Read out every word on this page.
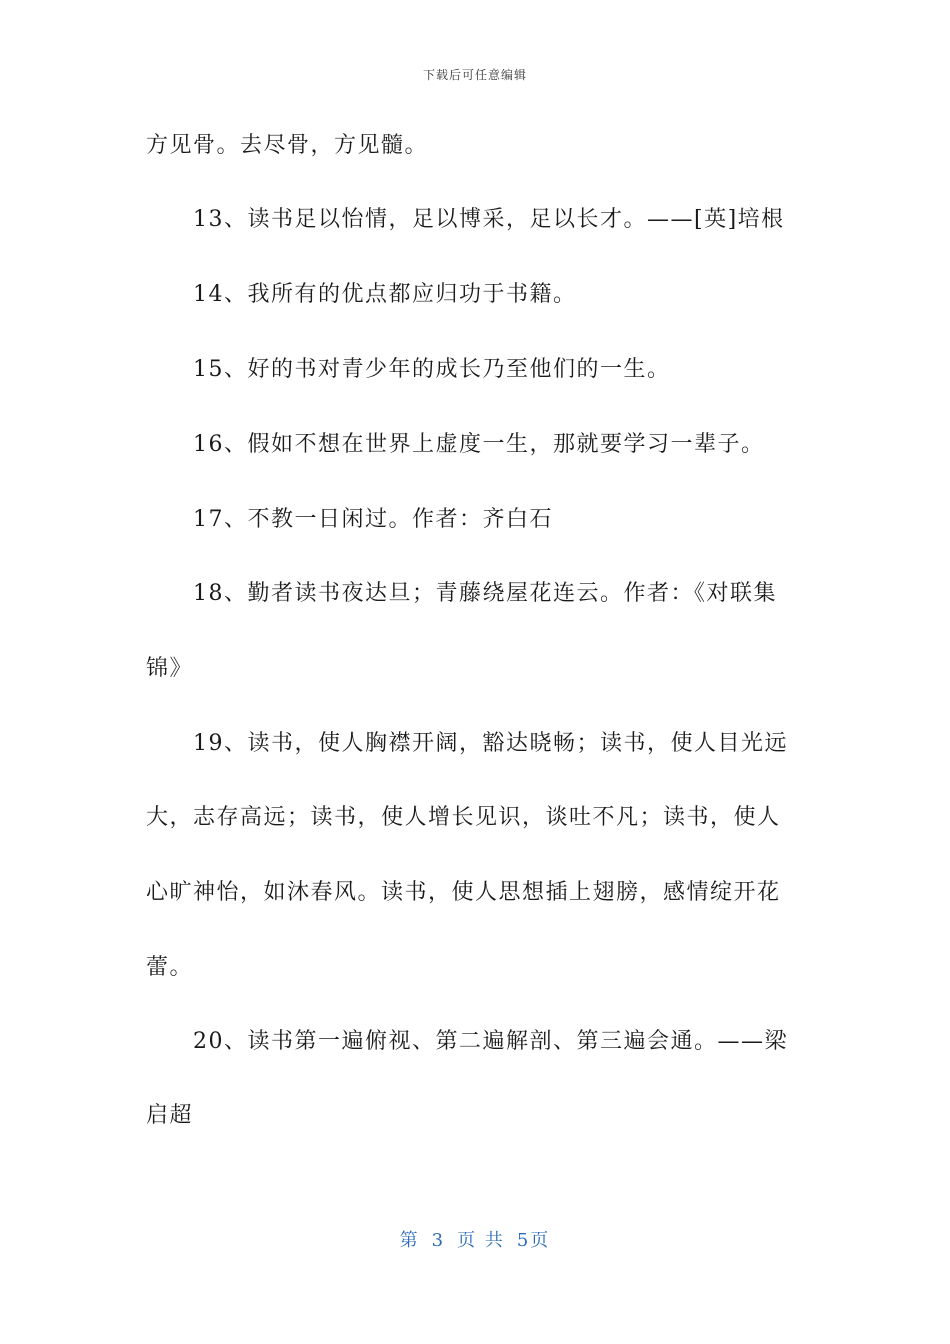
下载后可任意编辑
方见骨。去尽骨，方见髓。
13、读书足以怡情，足以博采，足以长才。——[英]培根
14、我所有的优点都应归功于书籍。
15、好的书对青少年的成长乃至他们的一生。
16、假如不想在世界上虚度一生，那就要学习一辈子。
17、不教一日闲过。作者：齐白石
18、勤者读书夜达旦；青藤绕屋花连云。作者：《对联集
锦》
19、读书，使人胸襟开阔，豁达晓畅；读书，使人目光远
大，志存高远；读书，使人增长见识，谈吐不凡；读书，使人
心旷神怡，如沐春风。读书，使人思想插上翅膀，感情绽开花
蕾。
20、读书第一遍俯视、第二遍解剖、第三遍会通。——梁
启超
第 3 页 共 5页
